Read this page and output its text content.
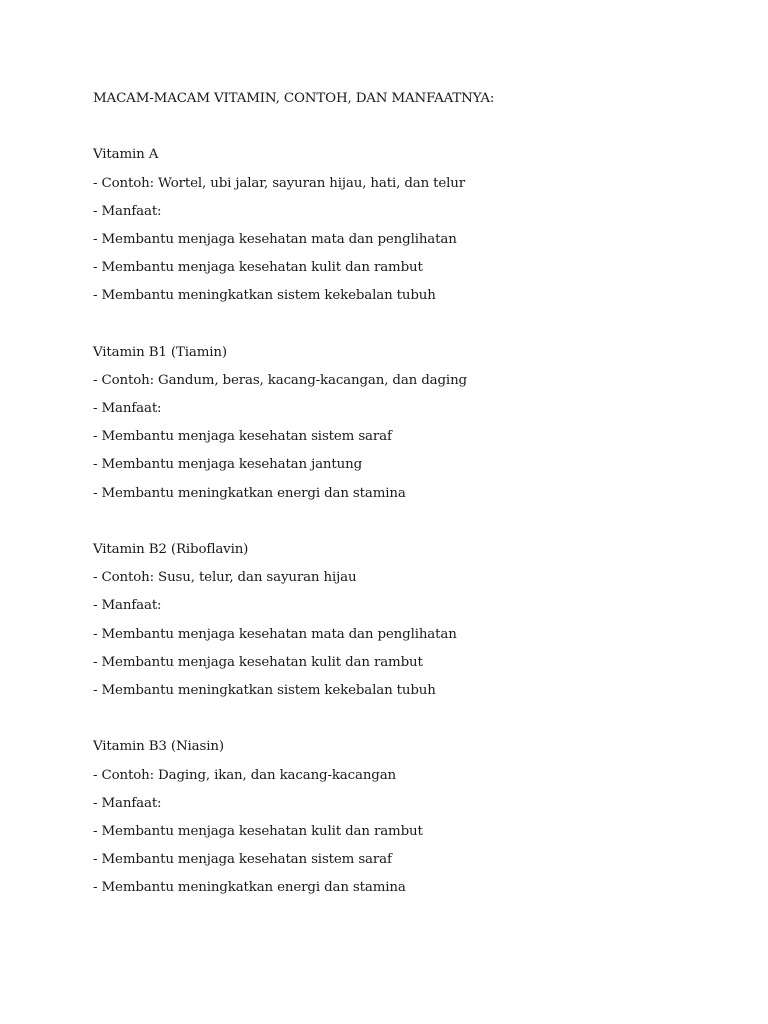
MACAM-MACAM VITAMIN, CONTOH, DAN MANFAATNYA:
Vitamin A
- Contoh: Wortel, ubi jalar, sayuran hijau, hati, dan telur
- Manfaat:
- Membantu menjaga kesehatan mata dan penglihatan
- Membantu menjaga kesehatan kulit dan rambut
- Membantu meningkatkan sistem kekebalan tubuh
Vitamin B1 (Tiamin)
- Contoh: Gandum, beras, kacang-kacangan, dan daging
- Manfaat:
- Membantu menjaga kesehatan sistem saraf
- Membantu menjaga kesehatan jantung
- Membantu meningkatkan energi dan stamina
Vitamin B2 (Riboflavin)
- Contoh: Susu, telur, dan sayuran hijau
- Manfaat:
- Membantu menjaga kesehatan mata dan penglihatan
- Membantu menjaga kesehatan kulit dan rambut
- Membantu meningkatkan sistem kekebalan tubuh
Vitamin B3 (Niasin)
- Contoh: Daging, ikan, dan kacang-kacangan
- Manfaat:
- Membantu menjaga kesehatan kulit dan rambut
- Membantu menjaga kesehatan sistem saraf
- Membantu meningkatkan energi dan stamina
